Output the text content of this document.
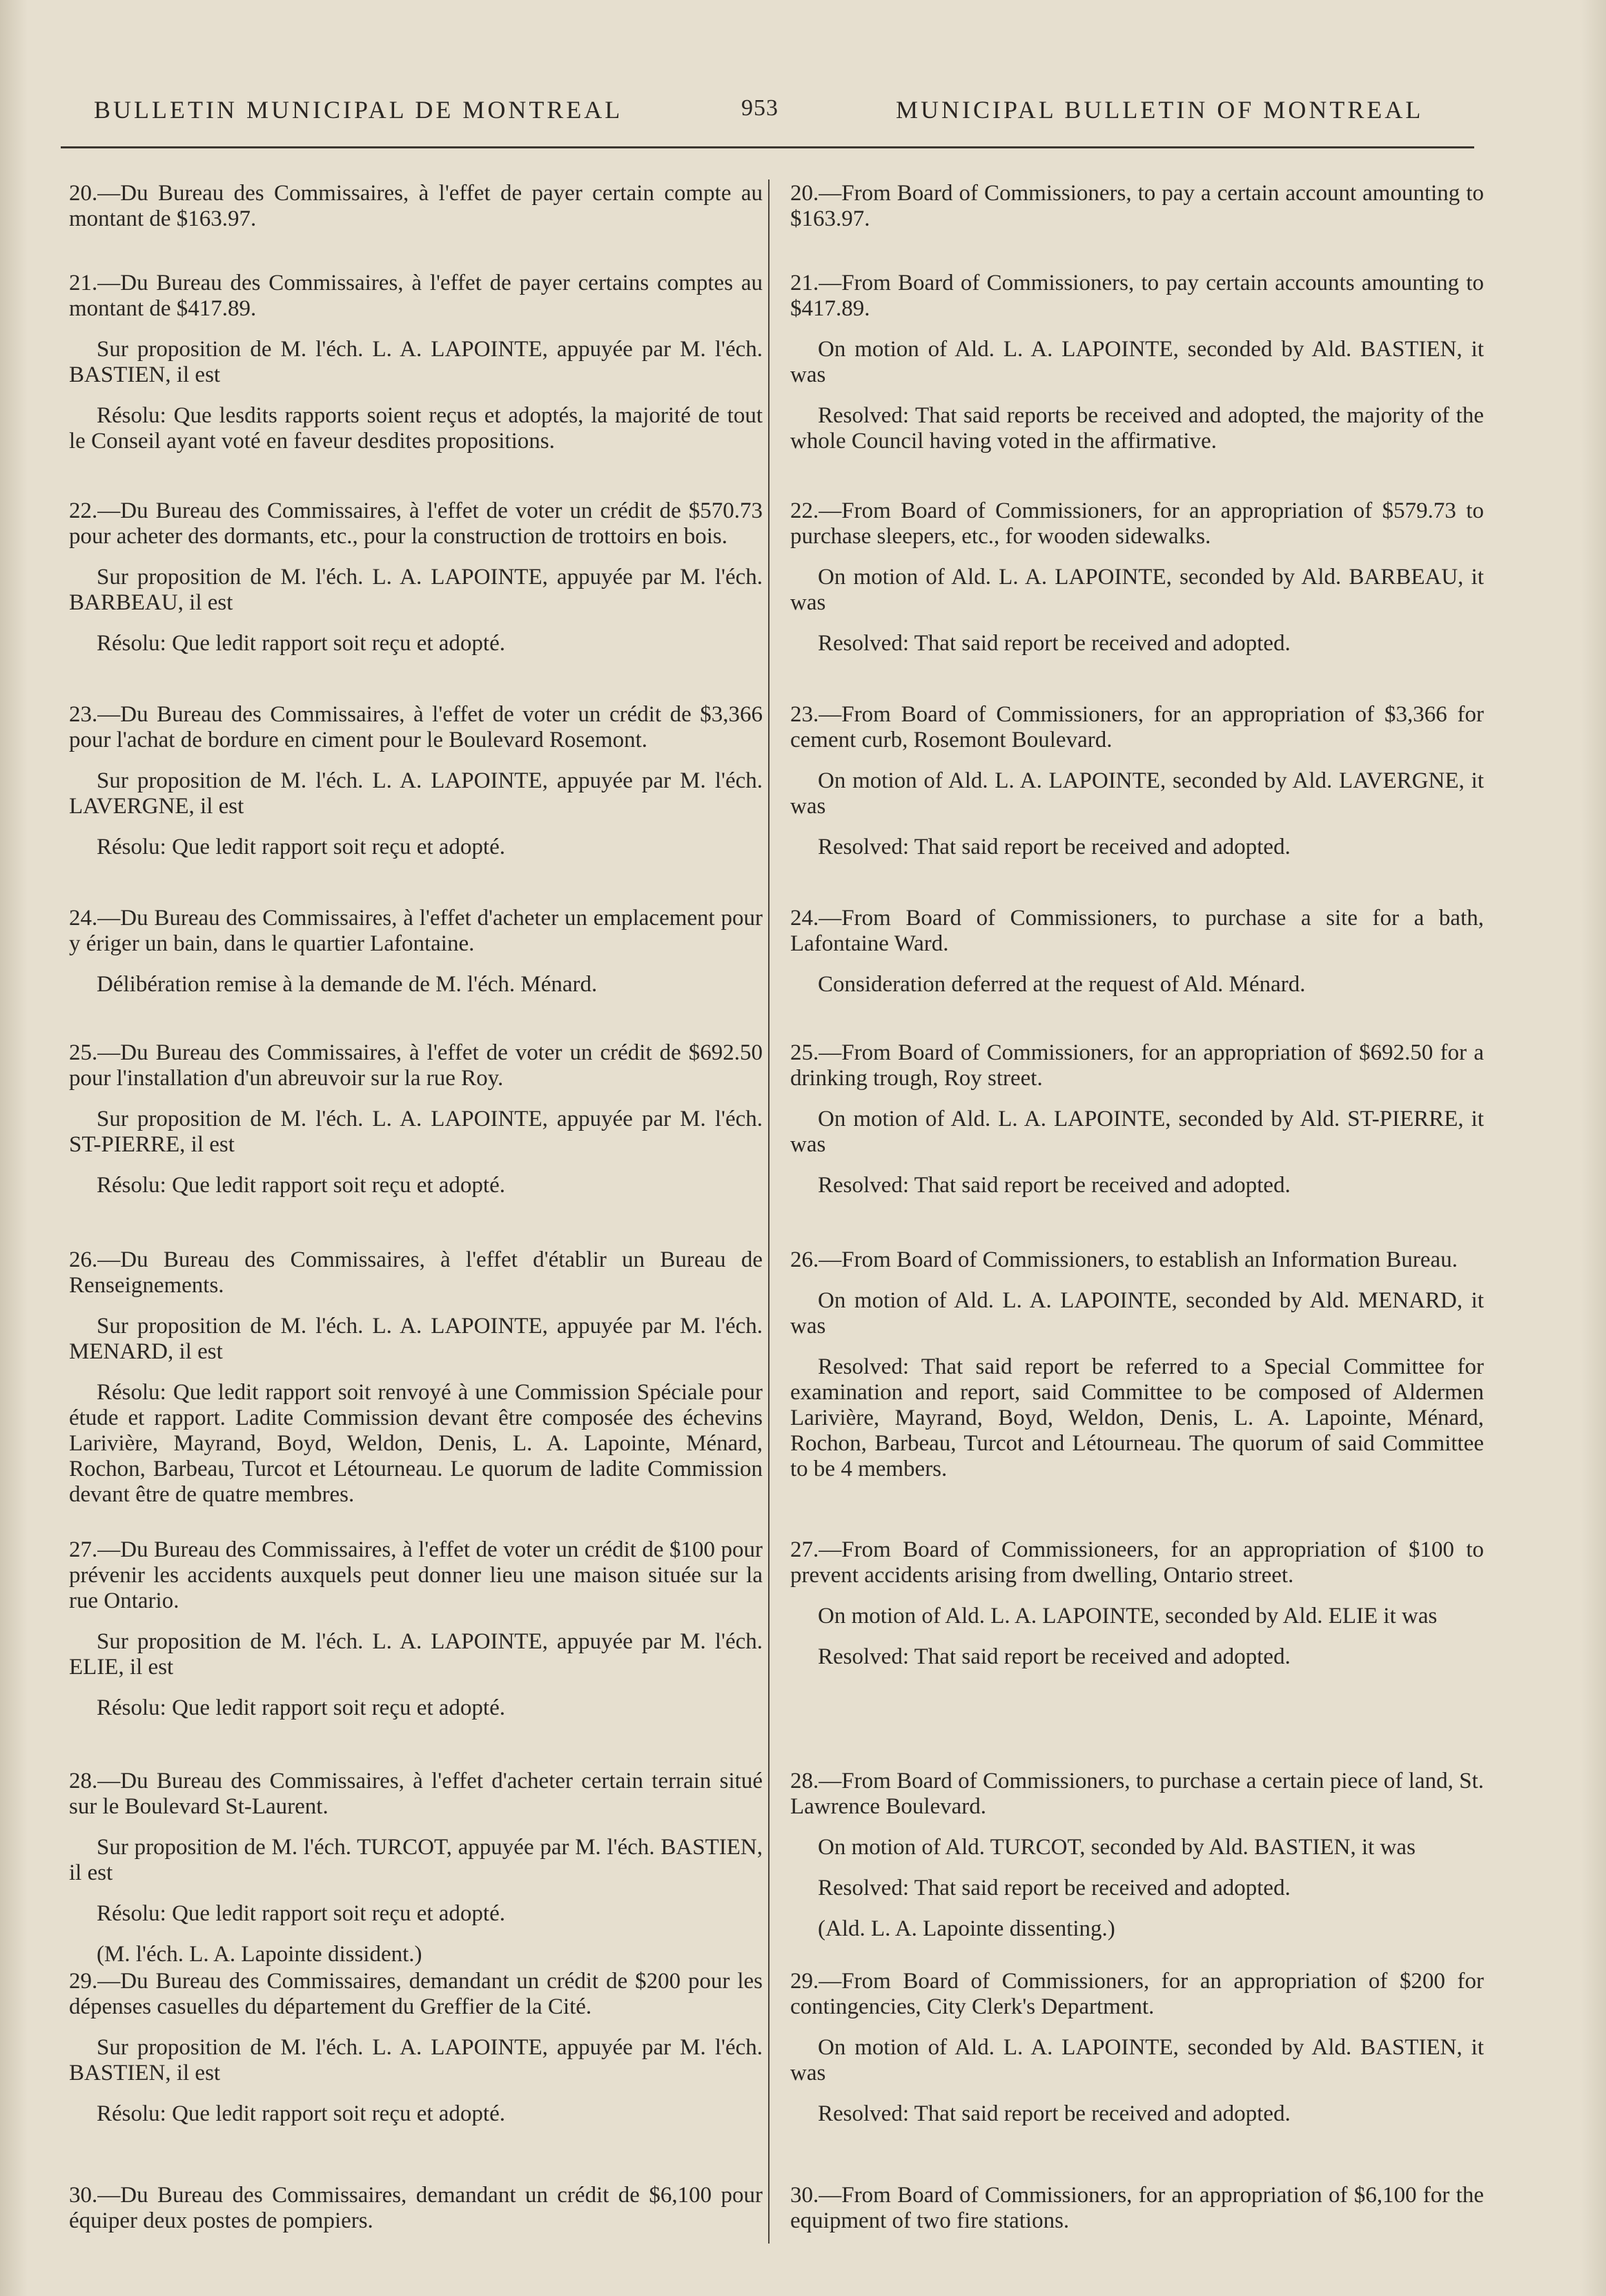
BULLETIN MUNICIPAL DE MONTREAL	953	MUNICIPAL BULLETIN OF MONTREAL

20.—Du Bureau des Commissaires, à l'effet de payer certain compte au montant de $163.97.

21.—Du Bureau des Commissaires, à l'effet de payer certains comptes au montant de $417.89.

Sur proposition de M. l'éch. L. A. LAPOINTE, appuyée par M. l'éch. BASTIEN, il est

Résolu: Que lesdits rapports soient reçus et adoptés, la majorité de tout le Conseil ayant voté en faveur desdites propositions.

22.—Du Bureau des Commissaires, à l'effet de voter un crédit de $570.73 pour acheter des dormants, etc., pour la construction de trottoirs en bois.

Sur proposition de M. l'éch. L. A. LAPOINTE, appuyée par M. l'éch. BARBEAU, il est

Résolu: Que ledit rapport soit reçu et adopté.

23.—Du Bureau des Commissaires, à l'effet de voter un crédit de $3,366 pour l'achat de bordure en ciment pour le Boulevard Rosemont.

Sur proposition de M. l'éch. L. A. LAPOINTE, appuyée par M. l'éch. LAVERGNE, il est

Résolu: Que ledit rapport soit reçu et adopté.

24.—Du Bureau des Commissaires, à l'effet d'acheter un emplacement pour y ériger un bain, dans le quartier Lafontaine.

Délibération remise à la demande de M. l'éch. Ménard.

25.—Du Bureau des Commissaires, à l'effet de voter un crédit de $692.50 pour l'installation d'un abreuvoir sur la rue Roy.

Sur proposition de M. l'éch. L. A. LAPOINTE, appuyée par M. l'éch. ST-PIERRE, il est

Résolu: Que ledit rapport soit reçu et adopté.

26.—Du Bureau des Commissaires, à l'effet d'établir un Bureau de Renseignements.

Sur proposition de M. l'éch. L. A. LAPOINTE, appuyée par M. l'éch. MENARD, il est

Résolu: Que ledit rapport soit renvoyé à une Commission Spéciale pour étude et rapport. Ladite Commission devant être composée des échevins Larivière, Mayrand, Boyd, Weldon, Denis, L. A. Lapointe, Ménard, Rochon, Barbeau, Turcot et Létourneau. Le quorum de ladite Commission devant être de quatre membres.

27.—Du Bureau des Commissaires, à l'effet de voter un crédit de $100 pour prévenir les accidents auxquels peut donner lieu une maison située sur la rue Ontario.

Sur proposition de M. l'éch. L. A. LAPOINTE, appuyée par M. l'éch. ELIE, il est

Résolu: Que ledit rapport soit reçu et adopté.

28.—Du Bureau des Commissaires, à l'effet d'acheter certain terrain situé sur le Boulevard St-Laurent.

Sur proposition de M. l'éch. TURCOT, appuyée par M. l'éch. BASTIEN, il est

Résolu: Que ledit rapport soit reçu et adopté.

(M. l'éch. L. A. Lapointe dissident.)

29.—Du Bureau des Commissaires, demandant un crédit de $200 pour les dépenses casuelles du département du Greffier de la Cité.

Sur proposition de M. l'éch. L. A. LAPOINTE, appuyée par M. l'éch. BASTIEN, il est

Résolu: Que ledit rapport soit reçu et adopté.

30.—Du Bureau des Commissaires, demandant un crédit de $6,100 pour équiper deux postes de pompiers.

20.—From Board of Commissioners, to pay a certain account amounting to $163.97.

21.—From Board of Commissioners, to pay certain accounts amounting to $417.89.

On motion of Ald. L. A. LAPOINTE, seconded by Ald. BASTIEN, it was

Resolved: That said reports be received and adopted, the majority of the whole Council having voted in the affirmative.

22.—From Board of Commissioners, for an appropriation of $579.73 to purchase sleepers, etc., for wooden sidewalks.

On motion of Ald. L. A. LAPOINTE, seconded by Ald. BARBEAU, it was

Resolved: That said report be received and adopted.

23.—From Board of Commissioners, for an appropriation of $3,366 for cement curb, Rosemont Boulevard.

On motion of Ald. L. A. LAPOINTE, seconded by Ald. LAVERGNE, it was

Resolved: That said report be received and adopted.

24.—From Board of Commissioners, to purchase a site for a bath, Lafontaine Ward.

Consideration deferred at the request of Ald. Ménard.

25.—From Board of Commissioners, for an appropriation of $692.50 for a drinking trough, Roy street.

On motion of Ald. L. A. LAPOINTE, seconded by Ald. ST-PIERRE, it was

Resolved: That said report be received and adopted.

26.—From Board of Commissioners, to establish an Information Bureau.

On motion of Ald. L. A. LAPOINTE, seconded by Ald. MENARD, it was

Resolved: That said report be referred to a Special Committee for examination and report, said Committee to be composed of Aldermen Larivière, Mayrand, Boyd, Weldon, Denis, L. A. Lapointe, Ménard, Rochon, Barbeau, Turcot and Létourneau. The quorum of said Committee to be 4 members.

27.—From Board of Commissioneers, for an appropriation of $100 to prevent accidents arising from dwelling, Ontario street.

On motion of Ald. L. A. LAPOINTE, seconded by Ald. ELIE it was

Resolved: That said report be received and adopted.

28.—From Board of Commissioners, to purchase a certain piece of land, St. Lawrence Boulevard.

On motion of Ald. TURCOT, seconded by Ald. BASTIEN, it was

Resolved: That said report be received and adopted.

(Ald. L. A. Lapointe dissenting.)

29.—From Board of Commissioners, for an appropriation of $200 for contingencies, City Clerk's Department.

On motion of Ald. L. A. LAPOINTE, seconded by Ald. BASTIEN, it was

Resolved: That said report be received and adopted.

30.—From Board of Commissioners, for an appropriation of $6,100 for the equipment of two fire stations.
